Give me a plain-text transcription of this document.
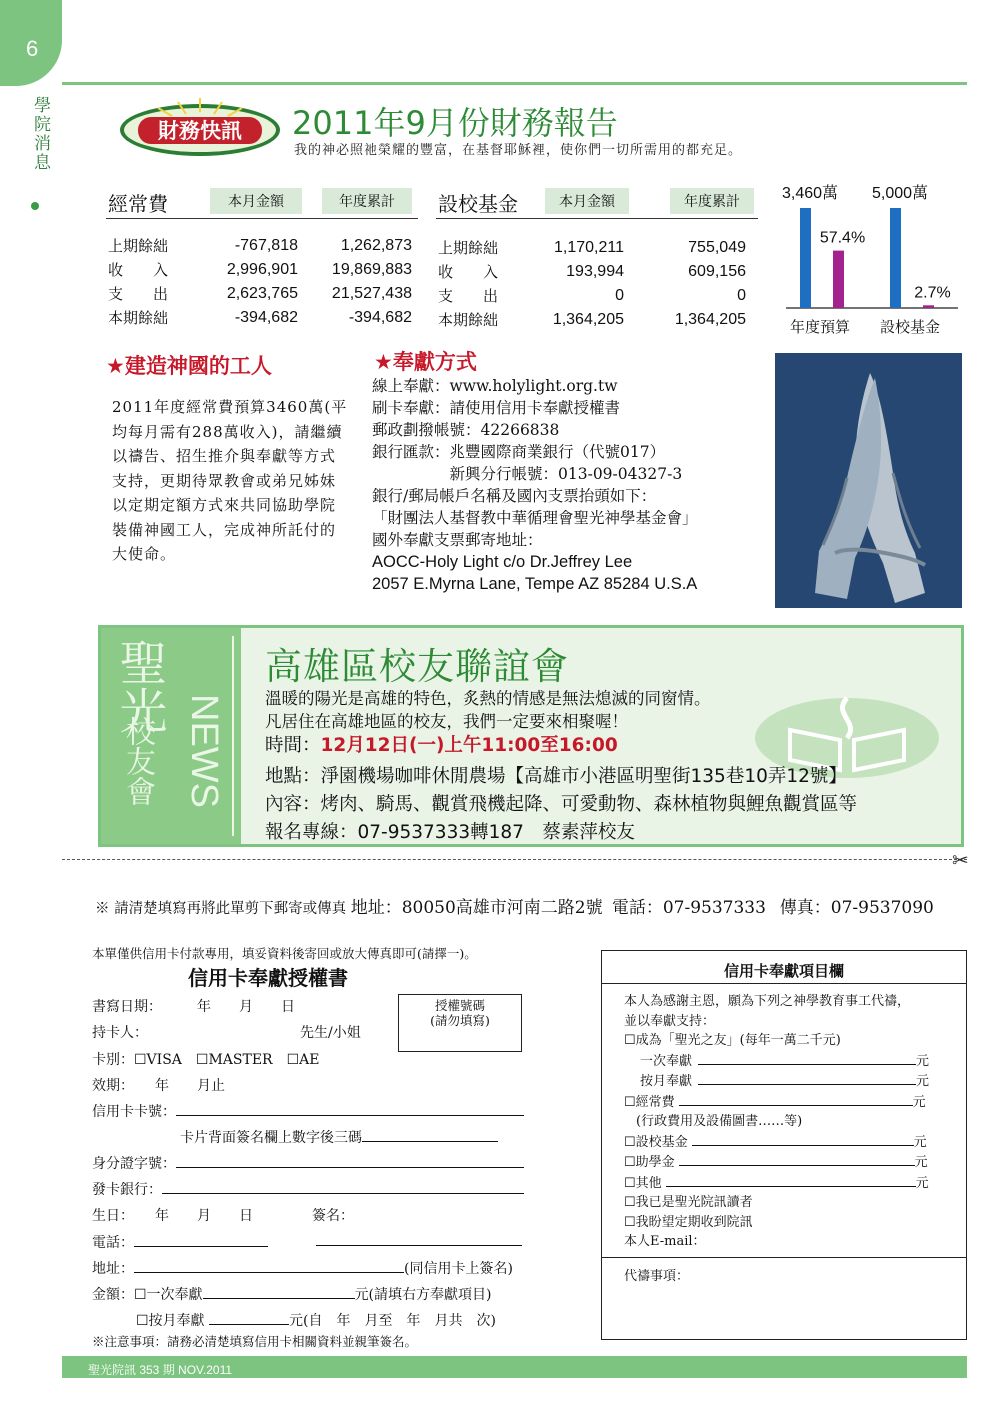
6
學院消息	財務快訊 2011年9月份財務報告
我的神必照祂榮耀的豐富，在基督耶穌裡，使你們一切所需用的都充足。
經常費	本月金額	年度累計
上期餘絀	-767,818	1,262,873
收　　入	2,996,901	19,869,883
支　　出	2,623,765	21,527,438
本期餘絀	-394,682	-394,682
設校基金	本月金額	年度累計
上期餘絀	1,170,211	755,049
收　　入	193,994	609,156
支　　出	0	0
本期餘絀	1,364,205	1,364,205
3,460萬
57.4%
年度預算
5,000萬
2.7%
設校基金
★建造神國的工人
2011年度經常費預算3460萬(平均每月需有288萬收入)，請繼續以禱告、招生推介與奉獻等方式支持，更期待眾教會或弟兄姊妹以定期定額方式來共同協助學院裝備神國工人，完成神所託付的大使命。
★奉獻方式
線上奉獻：www.holylight.org.tw
刷卡奉獻：請使用信用卡奉獻授權書
郵政劃撥帳號：42266838
銀行匯款：兆豐國際商業銀行（代號017）
　　　　　新興分行帳號：013-09-04327-3
銀行/郵局帳戶名稱及國內支票抬頭如下：
「財團法人基督教中華循理會聖光神學基金會」
國外奉獻支票郵寄地址：
AOCC-Holy Light c/o Dr.Jeffrey Lee
2057 E.Myrna Lane, Tempe AZ 85284 U.S.A
聖光
校友會 NEWS
高雄區校友聯誼會
溫暖的陽光是高雄的特色，炙熱的情感是無法熄滅的同窗情。
凡居住在高雄地區的校友，我們一定要來相聚喔！
時間：12月12日(一)上午11:00至16:00
地點：淨園機場咖啡休閒農場【高雄市小港區明聖街135巷10弄12號】
內容：烤肉、騎馬、觀賞飛機起降、可愛動物、森林植物與鯉魚觀賞區等
報名專線：07-9537333轉187　蔡素萍校友
✂
※ 請清楚填寫再將此單剪下郵寄或傳真 地址：80050高雄市河南二路2號 電話：07-9537333 傳真：07-9537090
本單僅供信用卡付款專用，填妥資料後寄回或放大傳真即可(請擇一)。
信用卡奉獻授權書
授權號碼
(請勿填寫)
書寫日期：　　　年　　月　　日
持卡人：	先生/小姐
卡別：☐VISA　☐MASTER　☐AE
效期：　　年　　月止
信用卡卡號：
卡片背面簽名欄上數字後三碼
身分證字號：
發卡銀行：
生日：　　年　　月　　日	簽名：
電話：
地址：	(同信用卡上簽名)
金額：☐一次奉獻	元(請填右方奉獻項目)
☐按月奉獻	元(自　年　月至　年　月共　次)
※注意事項：請務必清楚填寫信用卡相關資料並親筆簽名。
信用卡奉獻項目欄
本人為感謝主恩，願為下列之神學教育事工代禱，
並以奉獻支持：
☐成為「聖光之友」(每年一萬二千元)
一次奉獻	元
按月奉獻	元
☐經常費	元
(行政費用及設備圖書……等)
☐設校基金	元
☐助學金	元
☐其他	元
☐我已是聖光院訊讀者
☐我盼望定期收到院訊
本人E-mail：
代禱事項：
聖光院訊 353 期 NOV.2011
